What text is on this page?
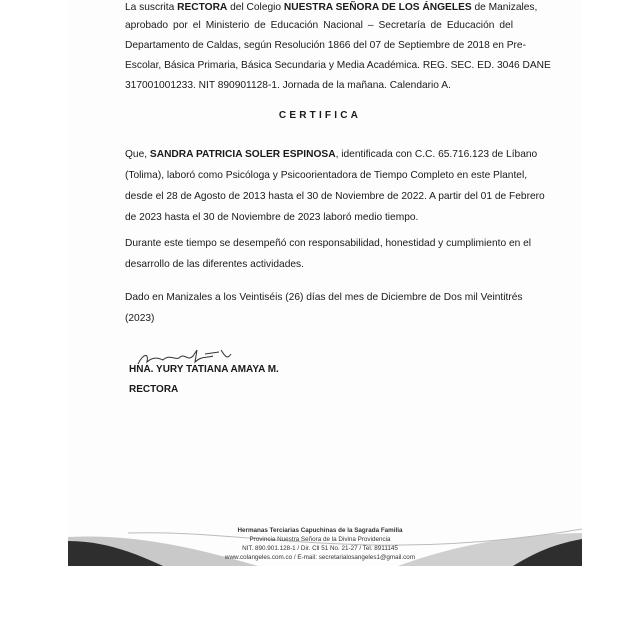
La suscrita RECTORA del Colegio NUESTRA SEÑORA DE LOS ÁNGELES de Manizales,
aprobado por el Ministerio de Educación Nacional – Secretaría de Educación del
Departamento de Caldas, según Resolución 1866 del 07 de Septiembre de 2018 en Pre-
Escolar, Básica Primaria, Básica Secundaria y Media Académica. REG. SEC. ED. 3046 DANE
317001001233. NIT 890901128-1. Jornada de la mañana. Calendario A.
CERTIFICA
Que, SANDRA PATRICIA SOLER ESPINOSA, identificada con C.C. 65.716.123 de Líbano
(Tolima), laboró como Psicóloga y Psicoorientadora de Tiempo Completo en este Plantel,
desde el 28 de Agosto de 2013 hasta el 30 de Noviembre de 2022. A partir del 01 de Febrero
de 2023 hasta el 30 de Noviembre de 2023 laboró medio tiempo.
Durante este tiempo se desempeñó con responsabilidad, honestidad y cumplimiento en el
desarrollo de las diferentes actividades.
Dado en Manizales a los Veintiséis (26) días del mes de Diciembre de Dos mil Veintitrés
(2023)
HNA. YURY TATIANA AMAYA M.
RECTORA
Hermanas Terciarias Capuchinas de la Sagrada Familia
Provincia Nuestra Señora de la Divina Providencia
NIT. 890.901.128-1 / Dir. Cll 51 No. 21-27 / Tel. 8911145
www.colangeles.com.co / E-mail: secretarialosangeles1@gmail.com
